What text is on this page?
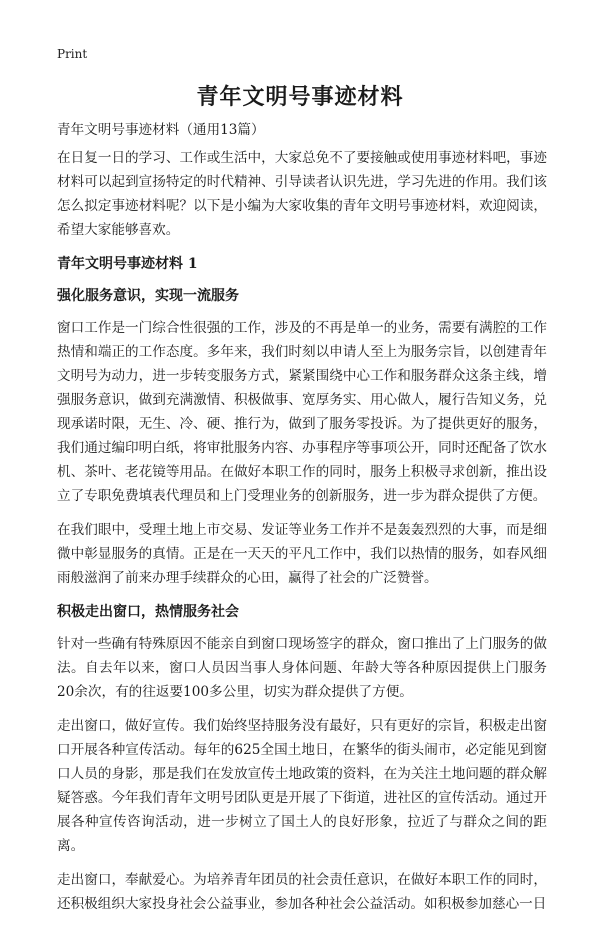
Print
青年文明号事迹材料

青年文明号事迹材料（通用13篇）

在日复一日的学习、工作或生活中，大家总免不了要接触或使用事迹材料吧，事迹材料可以起到宣扬特定的时代精神、引导读者认识先进，学习先进的作用。我们该怎么拟定事迹材料呢？以下是小编为大家收集的青年文明号事迹材料，欢迎阅读，希望大家能够喜欢。

青年文明号事迹材料 1
强化服务意识，实现一流服务

窗口工作是一门综合性很强的工作，涉及的不再是单一的业务，需要有满腔的工作热情和端正的工作态度。多年来，我们时刻以申请人至上为服务宗旨，以创建青年文明号为动力，进一步转变服务方式，紧紧围绕中心工作和服务群众这条主线，增强服务意识，做到充满激情、积极做事、宽厚务实、用心做人，履行告知义务，兑现承诺时限，无生、冷、硬、推行为，做到了服务零投诉。为了提供更好的服务，我们通过编印明白纸，将审批服务内容、办事程序等事项公开，同时还配备了饮水机、茶叶、老花镜等用品。在做好本职工作的同时，服务上积极寻求创新，推出设立了专职免费填表代理员和上门受理业务的创新服务，进一步为群众提供了方便。

在我们眼中，受理土地上市交易、发证等业务工作并不是轰轰烈烈的大事，而是细微中彰显服务的真情。正是在一天天的平凡工作中，我们以热情的服务，如春风细雨般滋润了前来办理手续群众的心田，赢得了社会的广泛赞誉。

积极走出窗口，热情服务社会

针对一些确有特殊原因不能亲自到窗口现场签字的群众，窗口推出了上门服务的做法。自去年以来，窗口人员因当事人身体问题、年龄大等各种原因提供上门服务20余次，有的往返要100多公里，切实为群众提供了方便。

走出窗口，做好宣传。我们始终坚持服务没有最好，只有更好的宗旨，积极走出窗口开展各种宣传活动。每年的625全国土地日，在繁华的街头闹市，必定能见到窗口人员的身影，那是我们在发放宣传土地政策的资料，在为关注土地问题的群众解疑答惑。今年我们青年文明号团队更是开展了下街道，进社区的宣传活动。通过开展各种宣传咨询活动，进一步树立了国土人的良好形象，拉近了与群众之间的距离。

走出窗口，奉献爱心。为培养青年团员的社会责任意识，在做好本职工作的同时，还积极组织大家投身社会公益事业，参加各种社会公益活动。如积极参加慈心一日
